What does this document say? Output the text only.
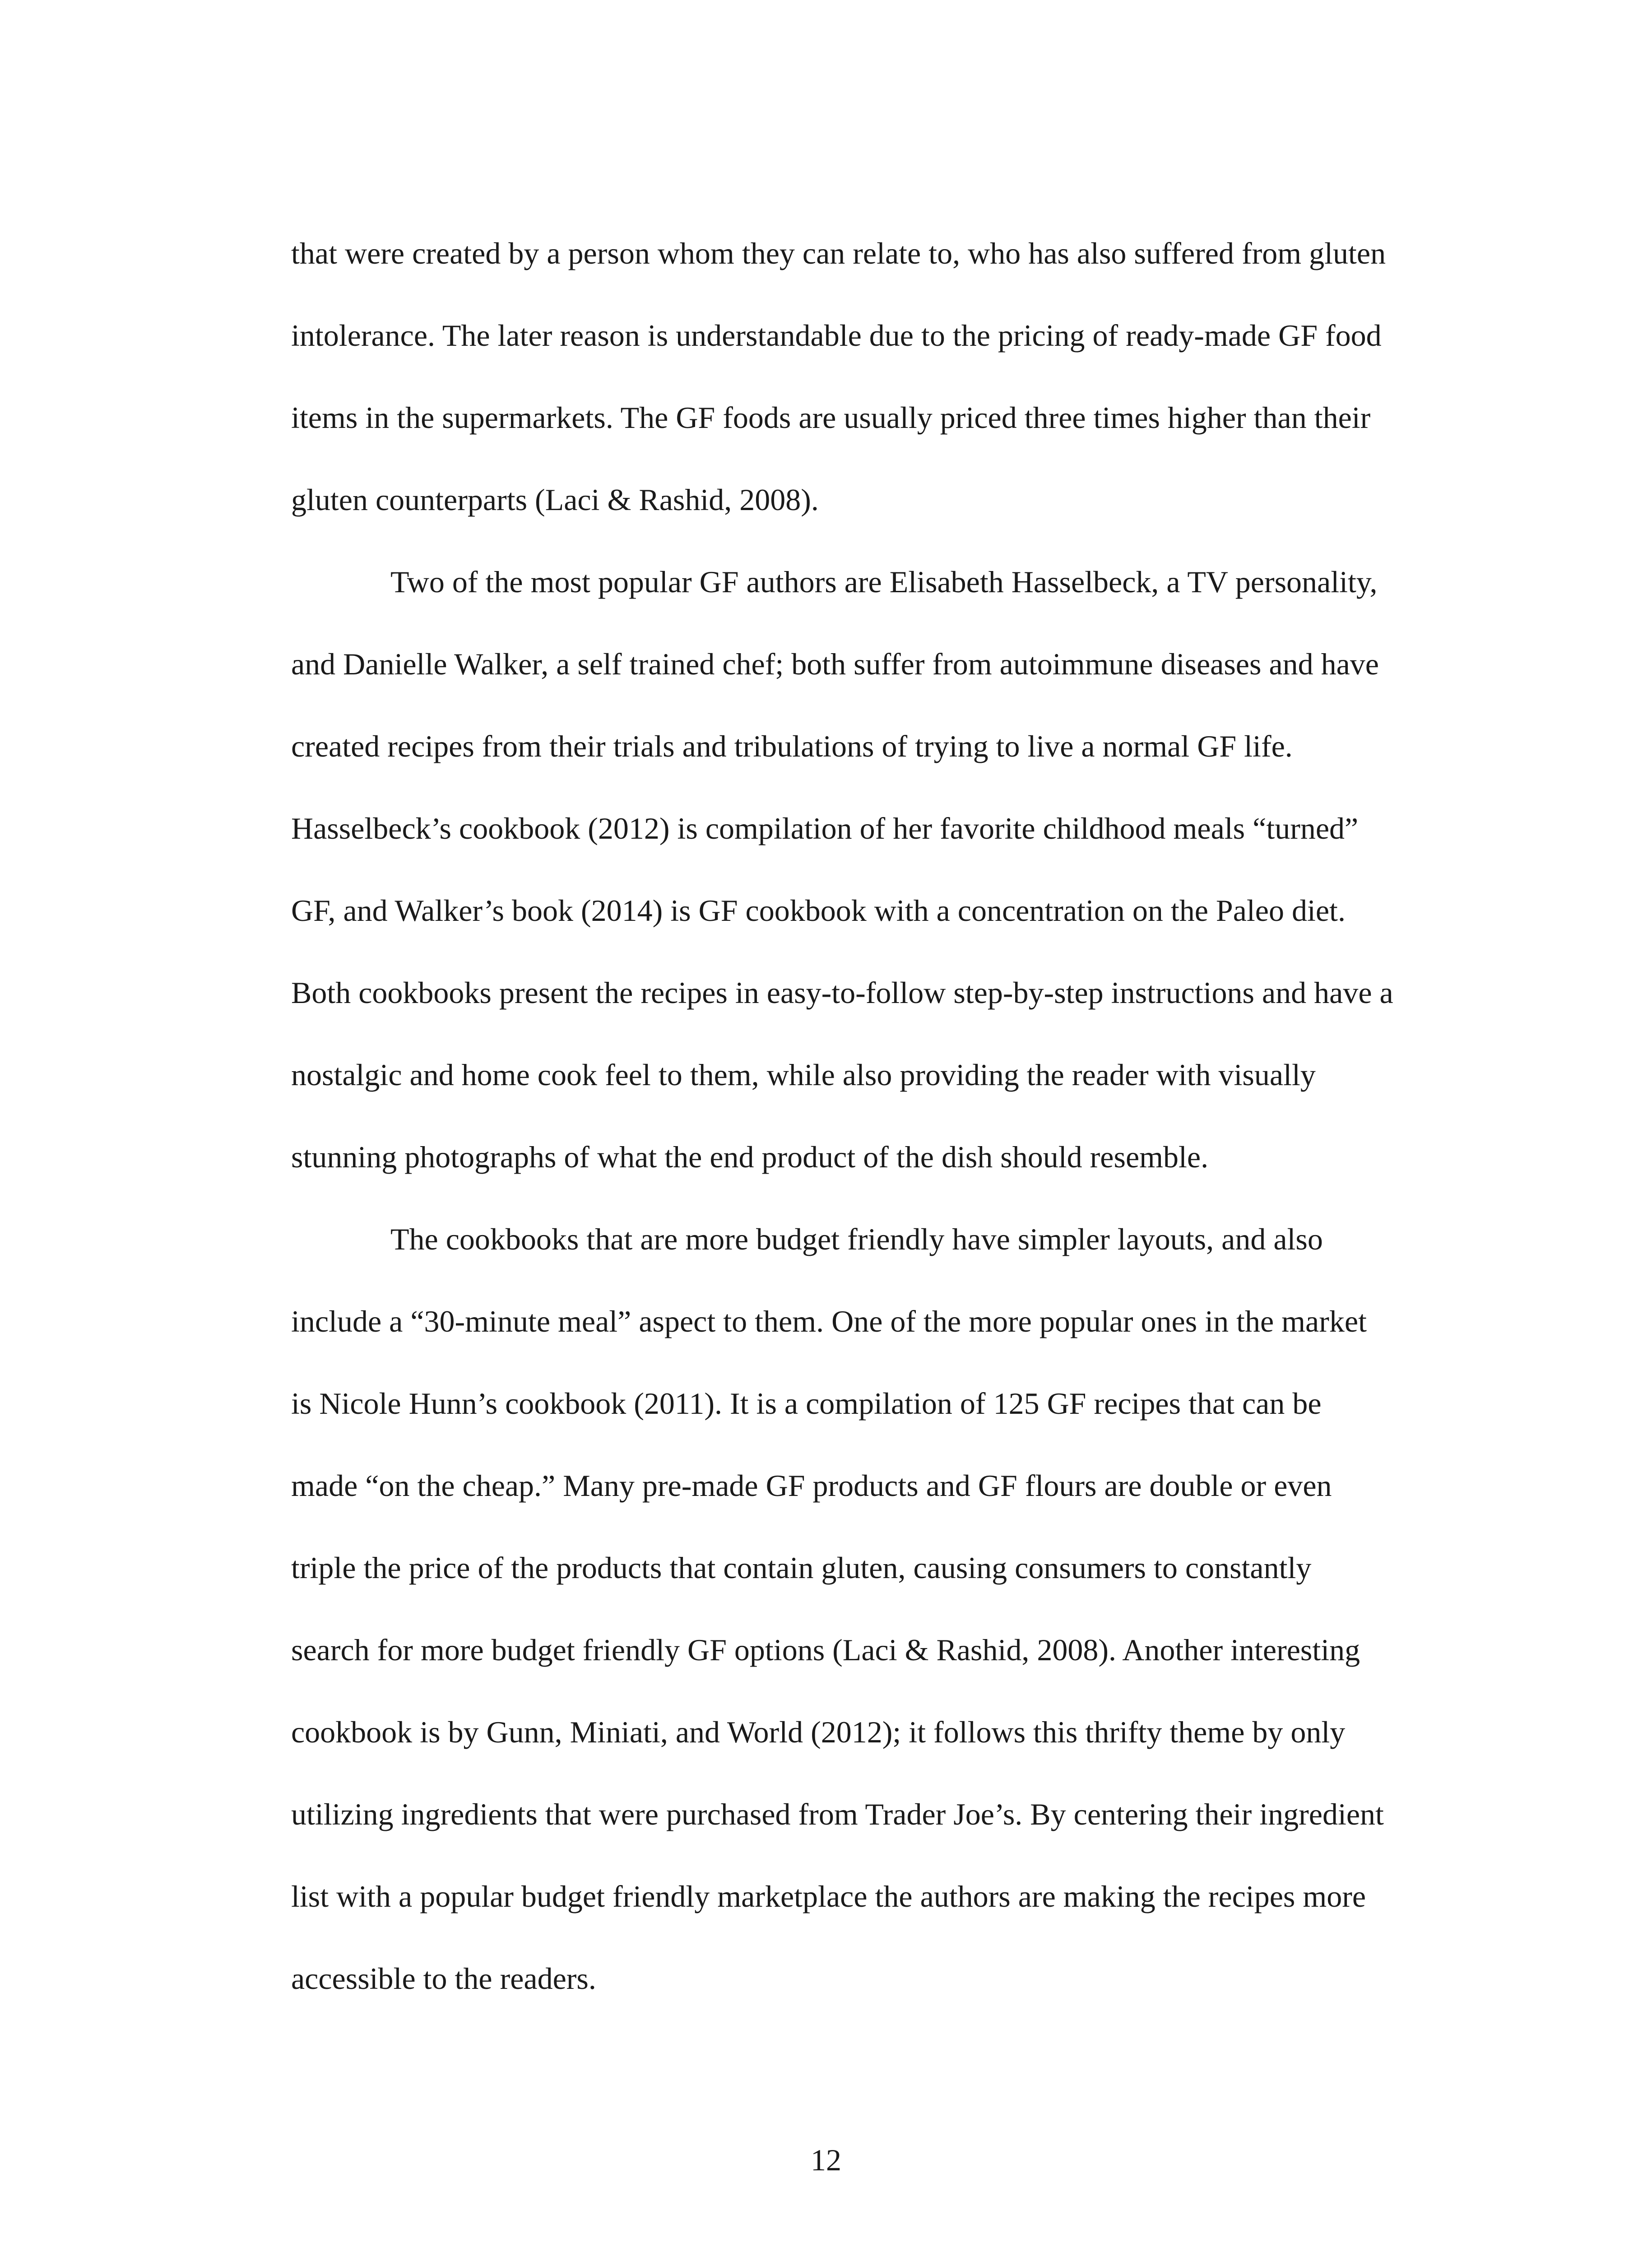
that were created by a person whom they can relate to, who has also suffered from gluten
intolerance. The later reason is understandable due to the pricing of ready-made GF food
items in the supermarkets. The GF foods are usually priced three times higher than their
gluten counterparts (Laci & Rashid, 2008).

Two of the most popular GF authors are Elisabeth Hasselbeck, a TV personality,
and Danielle Walker, a self trained chef; both suffer from autoimmune diseases and have
created recipes from their trials and tribulations of trying to live a normal GF life.
Hasselbeck’s cookbook (2012) is compilation of her favorite childhood meals “turned”
GF, and Walker’s book (2014) is GF cookbook with a concentration on the Paleo diet.
Both cookbooks present the recipes in easy-to-follow step-by-step instructions and have a
nostalgic and home cook feel to them, while also providing the reader with visually
stunning photographs of what the end product of the dish should resemble.

The cookbooks that are more budget friendly have simpler layouts, and also
include a “30-minute meal” aspect to them. One of the more popular ones in the market
is Nicole Hunn’s cookbook (2011). It is a compilation of 125 GF recipes that can be
made “on the cheap.” Many pre-made GF products and GF flours are double or even
triple the price of the products that contain gluten, causing consumers to constantly
search for more budget friendly GF options (Laci & Rashid, 2008). Another interesting
cookbook is by Gunn, Miniati, and World (2012); it follows this thrifty theme by only
utilizing ingredients that were purchased from Trader Joe’s. By centering their ingredient
list with a popular budget friendly marketplace the authors are making the recipes more
accessible to the readers.

12
